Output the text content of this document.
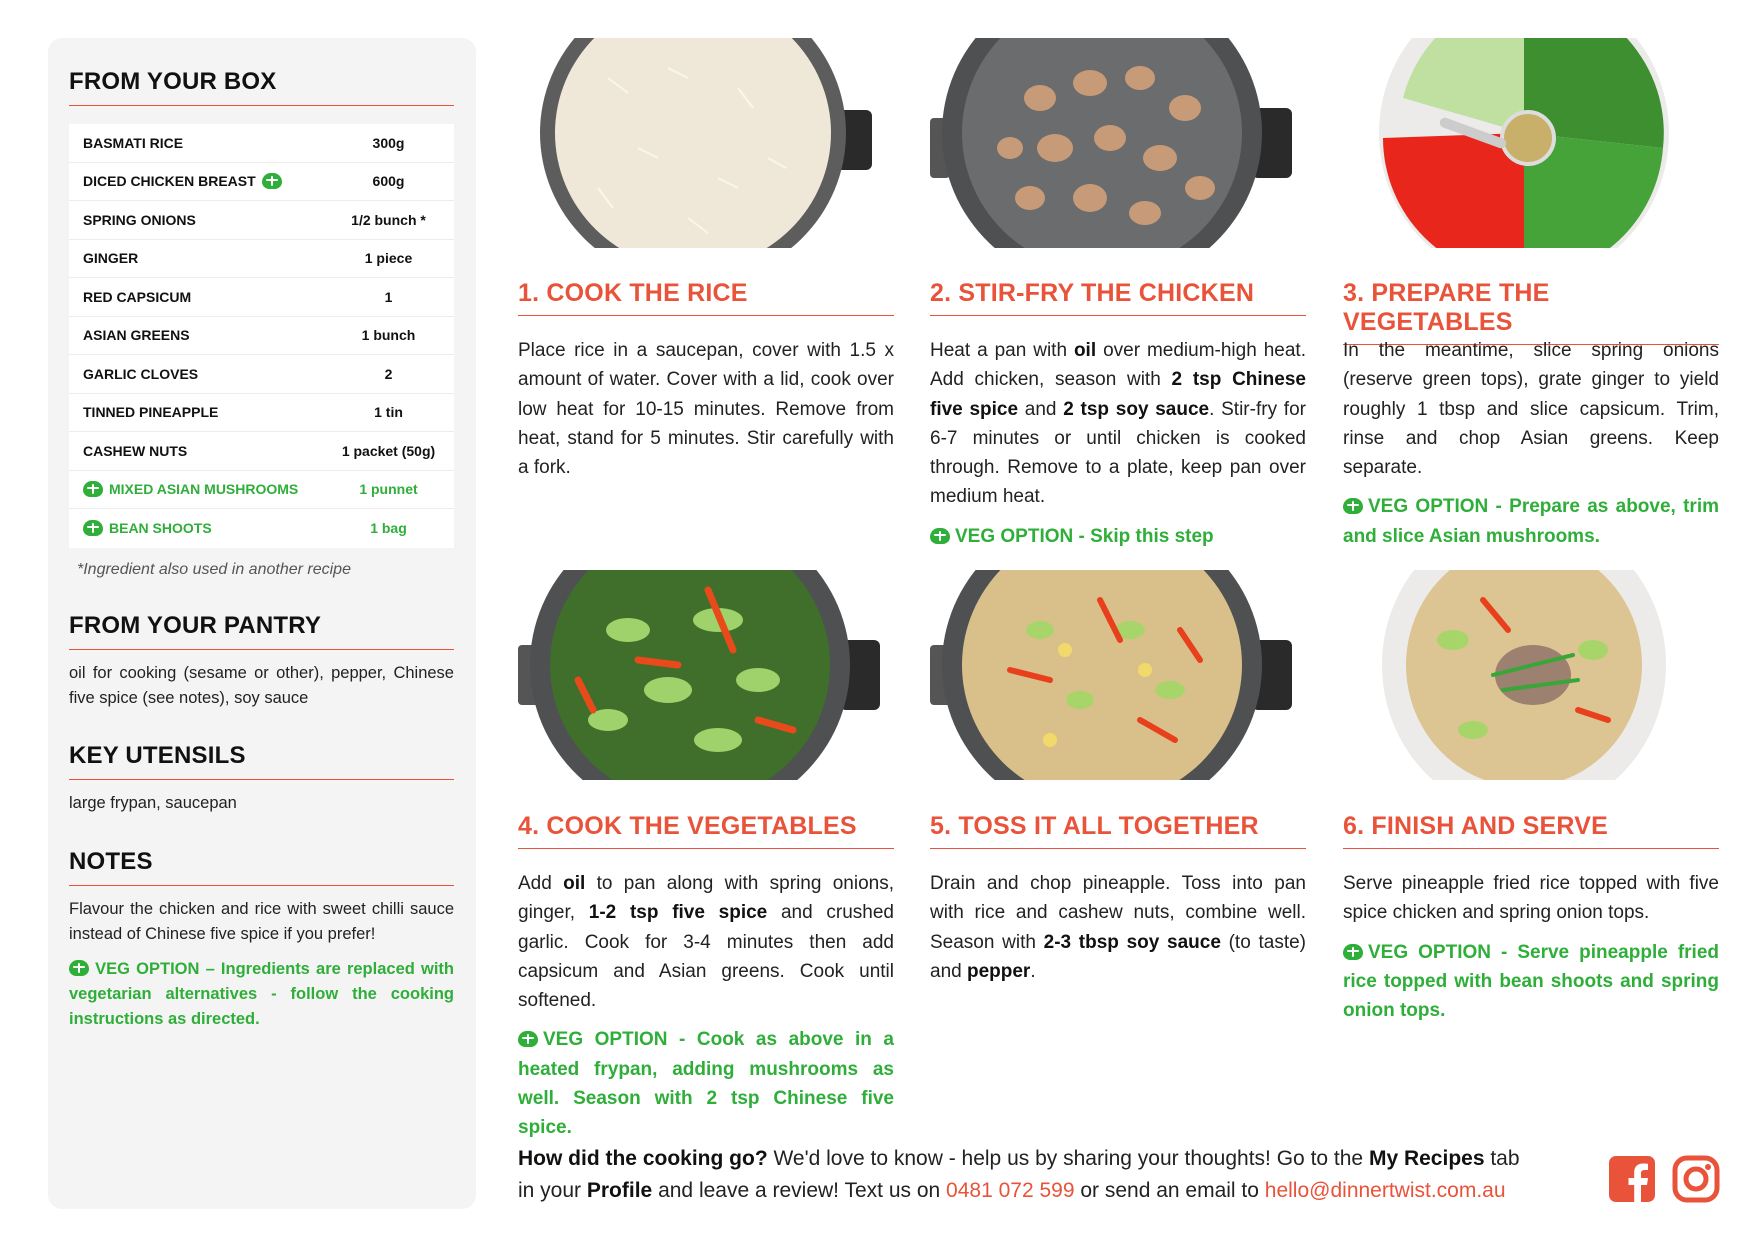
FROM YOUR BOX
BASMATI RICE	300g
DICED CHICKEN BREAST	600g
SPRING ONIONS	1/2 bunch *
GINGER	1 piece
RED CAPSICUM	1
ASIAN GREENS	1 bunch
GARLIC CLOVES	2
TINNED PINEAPPLE	1 tin
CASHEW NUTS	1 packet (50g)
MIXED ASIAN MUSHROOMS	1 punnet
BEAN SHOOTS	1 bag
*Ingredient also used in another recipe
FROM YOUR PANTRY
oil for cooking (sesame or other), pepper, Chinese five spice (see notes), soy sauce
KEY UTENSILS
large frypan, saucepan
NOTES
Flavour the chicken and rice with sweet chilli sauce instead of Chinese five spice if you prefer!
VEG OPTION – Ingredients are replaced with vegetarian alternatives - follow the cooking instructions as directed.
1. COOK THE RICE
Place rice in a saucepan, cover with 1.5 x amount of water. Cover with a lid, cook over low heat for 10-15 minutes. Remove from heat, stand for 5 minutes. Stir carefully with a fork.
2. STIR-FRY THE CHICKEN
Heat a pan with oil over medium-high heat. Add chicken, season with 2 tsp Chinese five spice and 2 tsp soy sauce. Stir-fry for 6-7 minutes or until chicken is cooked through. Remove to a plate, keep pan over medium heat.
VEG OPTION - Skip this step
3. PREPARE THE VEGETABLES
In the meantime, slice spring onions (reserve green tops), grate ginger to yield roughly 1 tbsp and slice capsicum. Trim, rinse and chop Asian greens. Keep separate.
VEG OPTION - Prepare as above, trim and slice Asian mushrooms.
4. COOK THE VEGETABLES
Add oil to pan along with spring onions, ginger, 1-2 tsp five spice and crushed garlic. Cook for 3-4 minutes then add capsicum and Asian greens. Cook until softened.
VEG OPTION - Cook as above in a heated frypan, adding mushrooms as well. Season with 2 tsp Chinese five spice.
5. TOSS IT ALL TOGETHER
Drain and chop pineapple. Toss into pan with rice and cashew nuts, combine well. Season with 2-3 tbsp soy sauce (to taste) and pepper.
6. FINISH AND SERVE
Serve pineapple fried rice topped with five spice chicken and spring onion tops.
VEG OPTION - Serve pineapple fried rice topped with bean shoots and spring onion tops.
How did the cooking go? We'd love to know - help us by sharing your thoughts! Go to the My Recipes tab in your Profile and leave a review! Text us on 0481 072 599 or send an email to hello@dinnertwist.com.au
